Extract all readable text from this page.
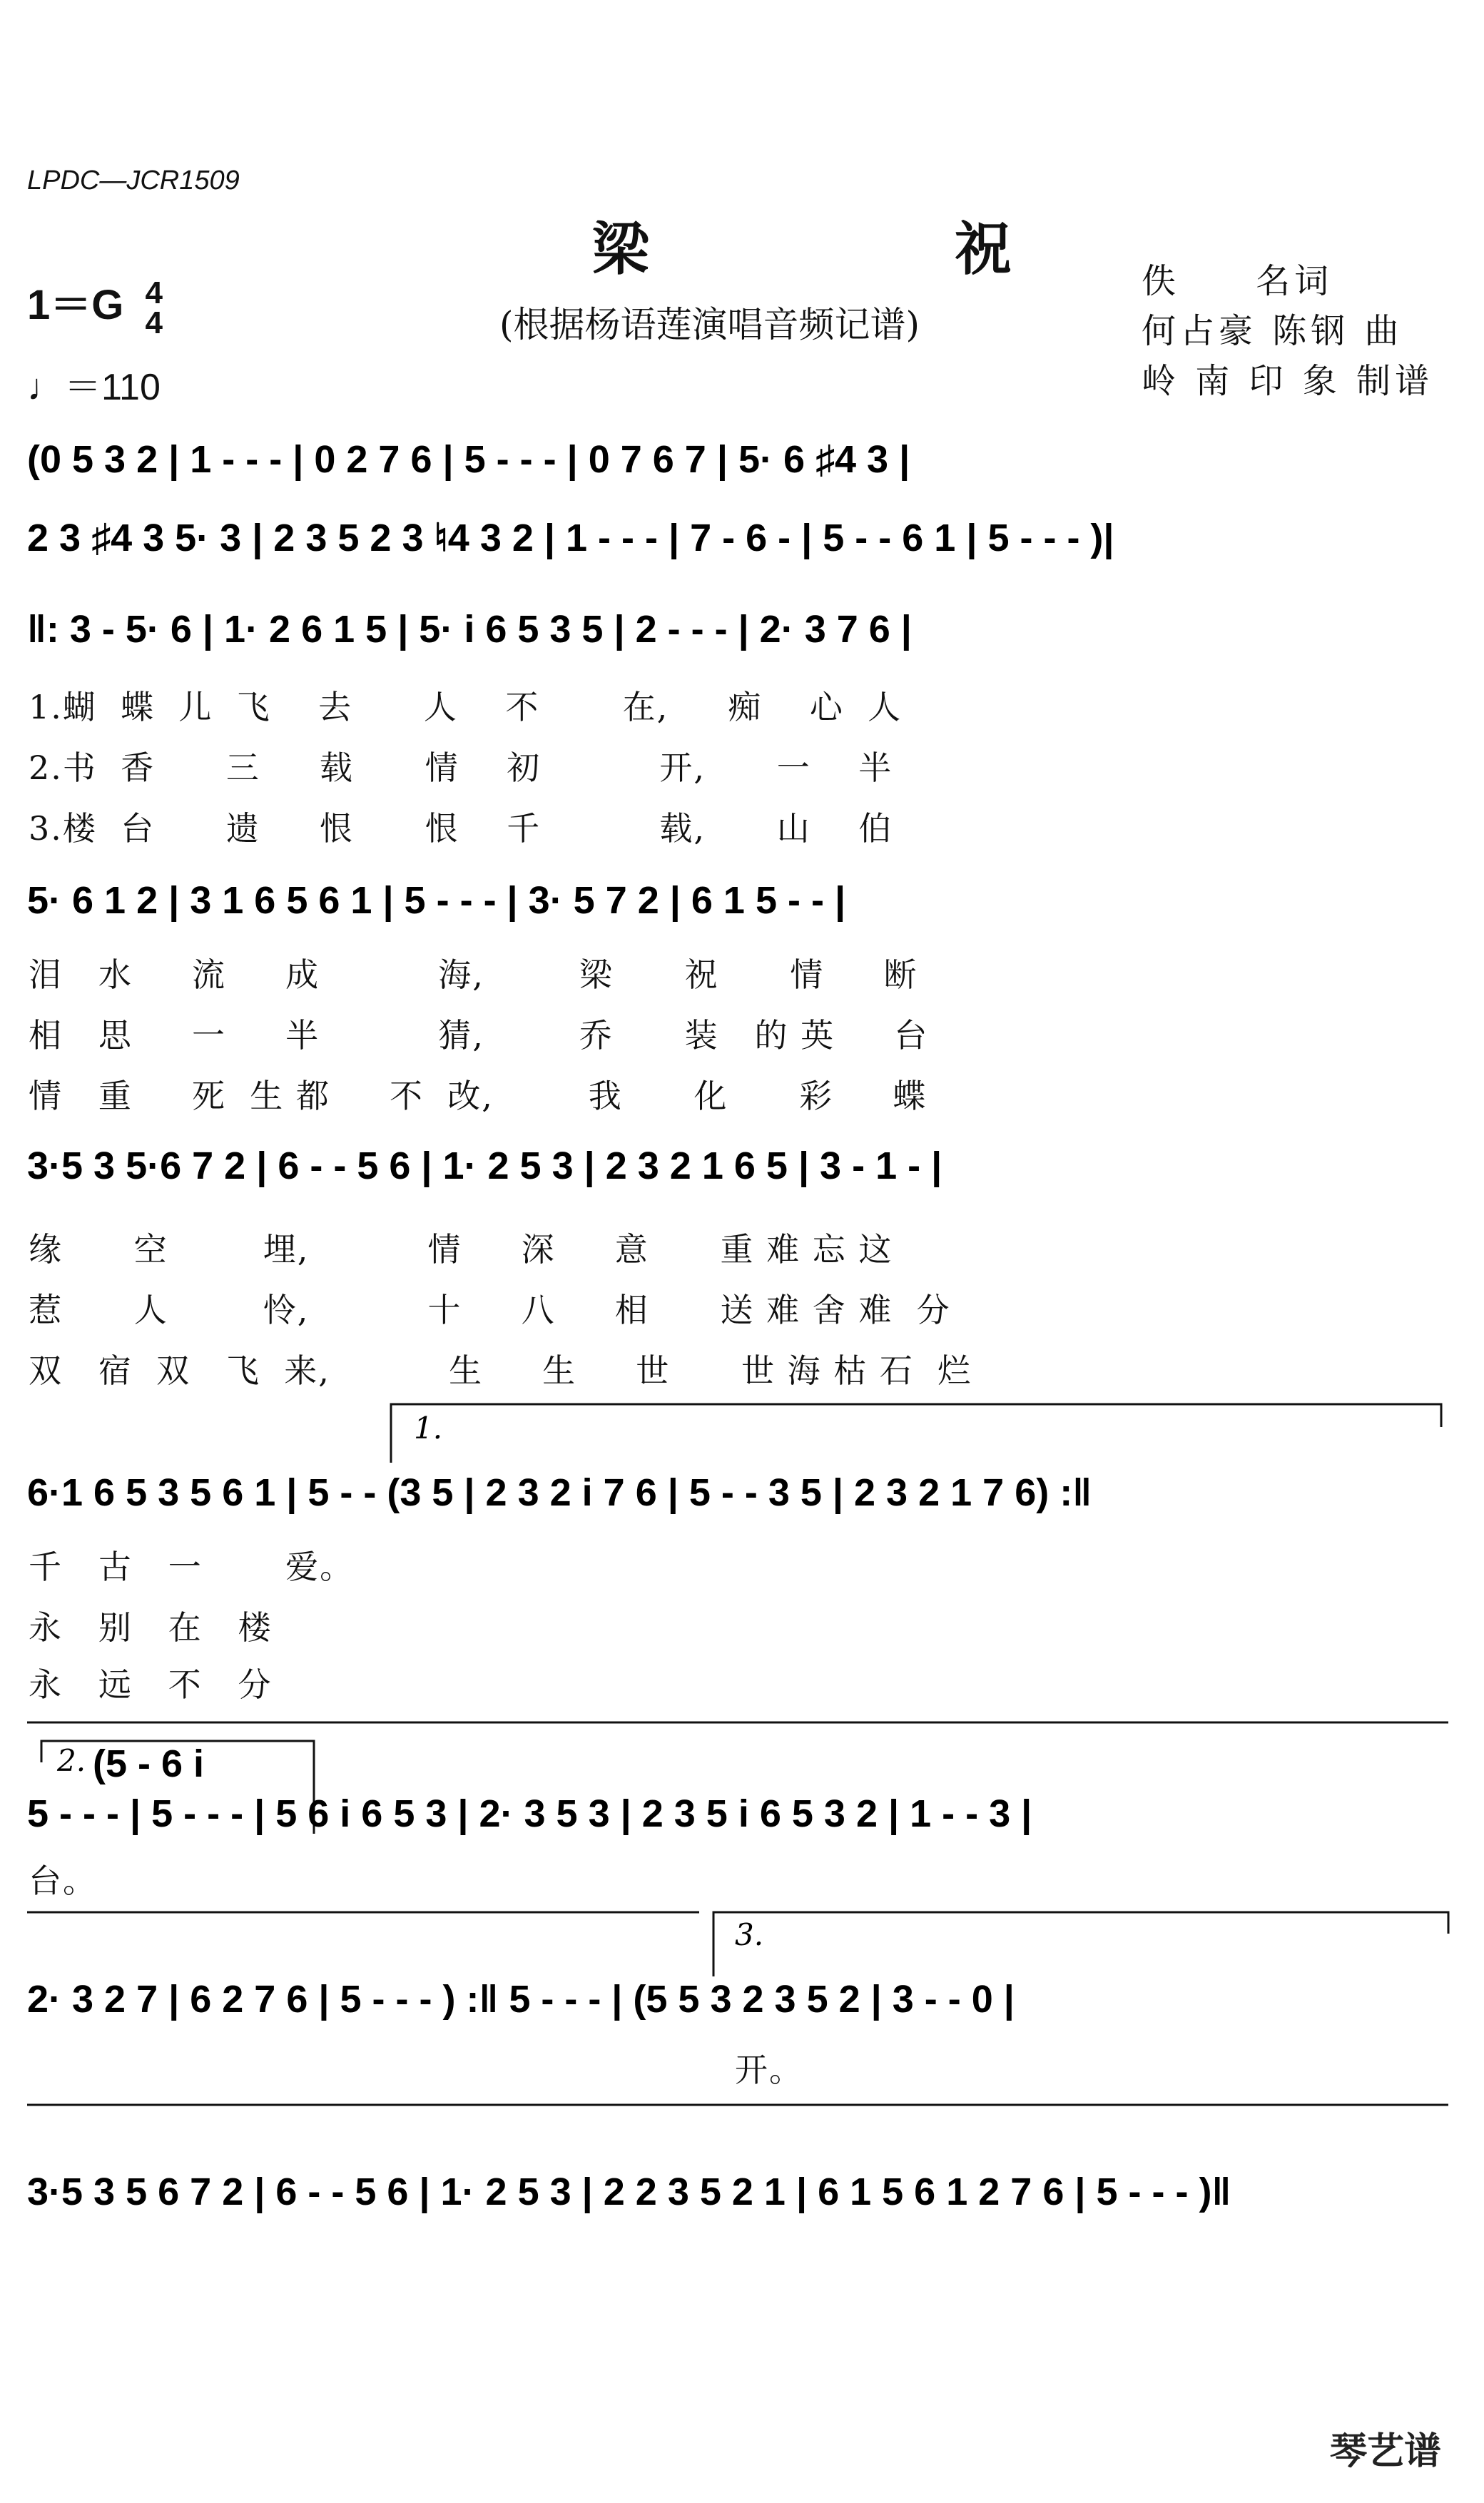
LPDC—JCR1509
梁 祝
(根据杨语莲演唱音频记谱)
1＝G 4
4
♩＝110
佚     名词
何占豪 陈钢 曲
岭 南 印 象 制谱
(0 5 3 2 | 1 - - - | 0 2 7 6 | 5 - - - | 0 7 6 7 | 5· 6 ♯4 3 |
2 3 ♯4 3 5· 3 | 2 3 5 2 3 ♮4 3 2 | 1 - - - | 7 - 6 - | 5 - - 6 1 | 5 - - - )|
‖: 3 - 5· 6 | 1· 2 6 1 5 | 5· i 6 5 3 5 | 2 - - - | 2· 3 7 6 |
1.蝴  蝶  儿  飞    去      人    不       在,     痴    心  人
2.书  香      三     载      情    初          开,      一    半
3.楼  台      遗     恨      恨    千          载,      山    伯
5· 6 1 2 | 3 1 6 5 6 1 | 5 - - - | 3· 5 7 2 | 6 1 5 - - |
泪   水     流     成          海,        梁      祝      情     断
相   思     一     半          猜,        乔      装   的 英     台
情   重     死  生 都     不  改,        我      化      彩     蝶
3·5 3 5·6 7 2 | 6 - - 5 6 | 1· 2 5 3 | 2 3 2 1 6 5 | 3 - 1 - |
缘      空        埋,          情     深     意      重 难 忘 这
惹      人        怜,          十     八     相      送 难 舍 难  分
双   宿  双   飞  来,          生     生     世      世 海 枯 石  烂
1.
6·1 6 5 3 5 6 1 | 5 - - (3 5 | 2 3 2 i 7 6 | 5 - - 3 5 | 2 3 2 1 7 6) :‖
千   古   一       爱。
永   别   在   楼
永   远   不   分
2. (5 - 6 i
5 - - - | 5 - - - | 5 6 i 6 5 3 | 2· 3 5 3 | 2 3 5 i 6 5 3 2 | 1 - - 3 |
台。
3.
2· 3 2 7 | 6 2 7 6 | 5 - - - ) :‖ 5 - - - | (5 5 3 2 3 5 2 | 3 - - 0 |
开。
3·5 3 5 6 7 2 | 6 - - 5 6 | 1· 2 5 3 | 2 2 3 5 2 1 | 6 1 5 6 1 2 7 6 | 5 - - - )‖
琴艺谱
